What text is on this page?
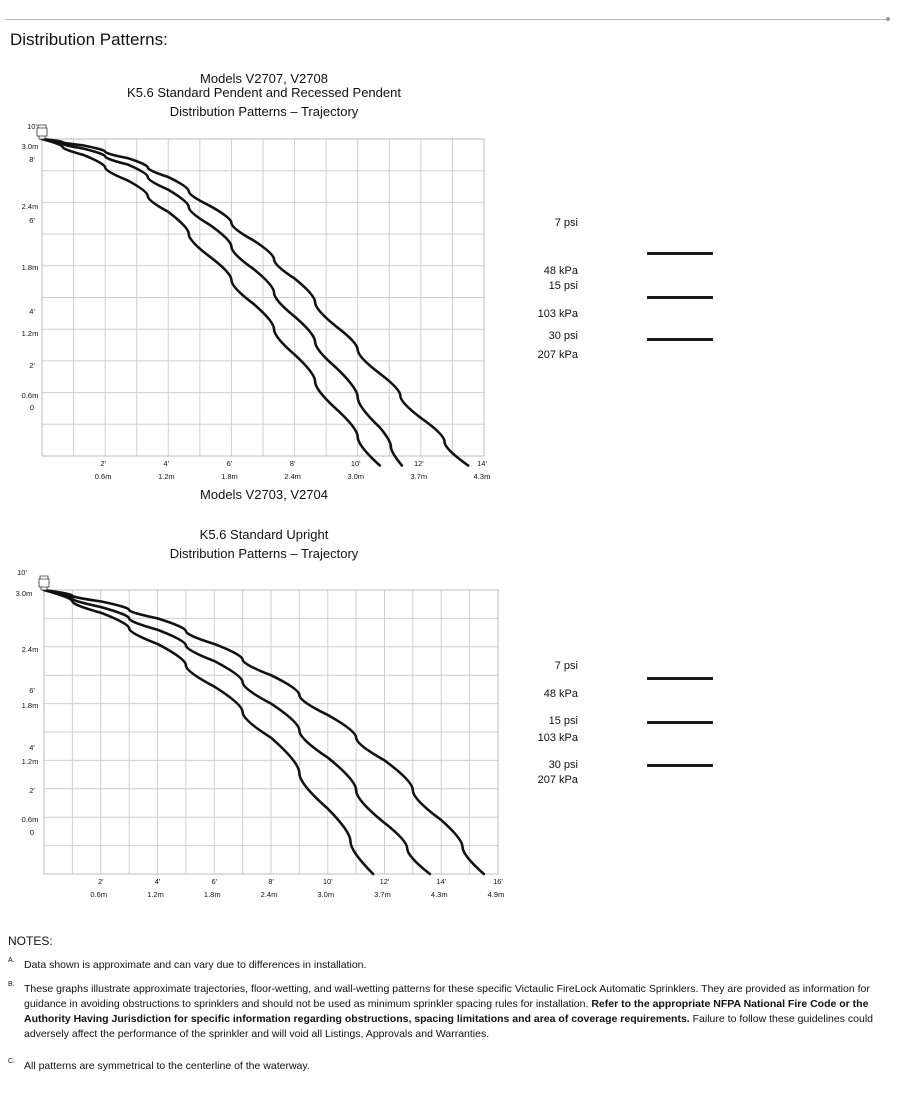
Distribution Patterns:
Models V2707, V2708
K5.6 Standard Pendent and Recessed Pendent
Distribution Patterns – Trajectory
2'
0.6m
4'
1.2m
6'
1.8m
8'
2.4m
10'
3.0m
12'
3.7m
14'
4.3m
10'
3.0m
8'
2.4m
6'
1.8m
4'
1.2m
2'
0.6m
0
7 psi
48 kPa
15 psi
103 kPa
30 psi
207 kPa
Models V2703, V2704
K5.6 Standard Upright
Distribution Patterns – Trajectory
2'
0.6m
4'
1.2m
6'
1.8m
8'
2.4m
10'
3.0m
12'
3.7m
14'
4.3m
16'
4.9m
10'
3.0m
2.4m
6'
1.8m
4'
1.2m
2'
0.6m
0
7 psi
48 kPa
15 psi
103 kPa
30 psi
207 kPa
NOTES:
A. Data shown is approximate and can vary due to differences in installation.
B. These graphs illustrate approximate trajectories, floor-wetting, and wall-wetting patterns for these specific Victaulic FireLock Automatic Sprinklers. They are provided as information for guidance in avoiding obstructions to sprinklers and should not be used as minimum sprinkler spacing rules for installation. Refer to the appropriate NFPA National Fire Code or the Authority Having Jurisdiction for specific information regarding obstructions, spacing limitations and area of coverage requirements. Failure to follow these guidelines could adversely affect the performance of the sprinkler and will void all Listings, Approvals and Warranties.
C. All patterns are symmetrical to the centerline of the waterway.
